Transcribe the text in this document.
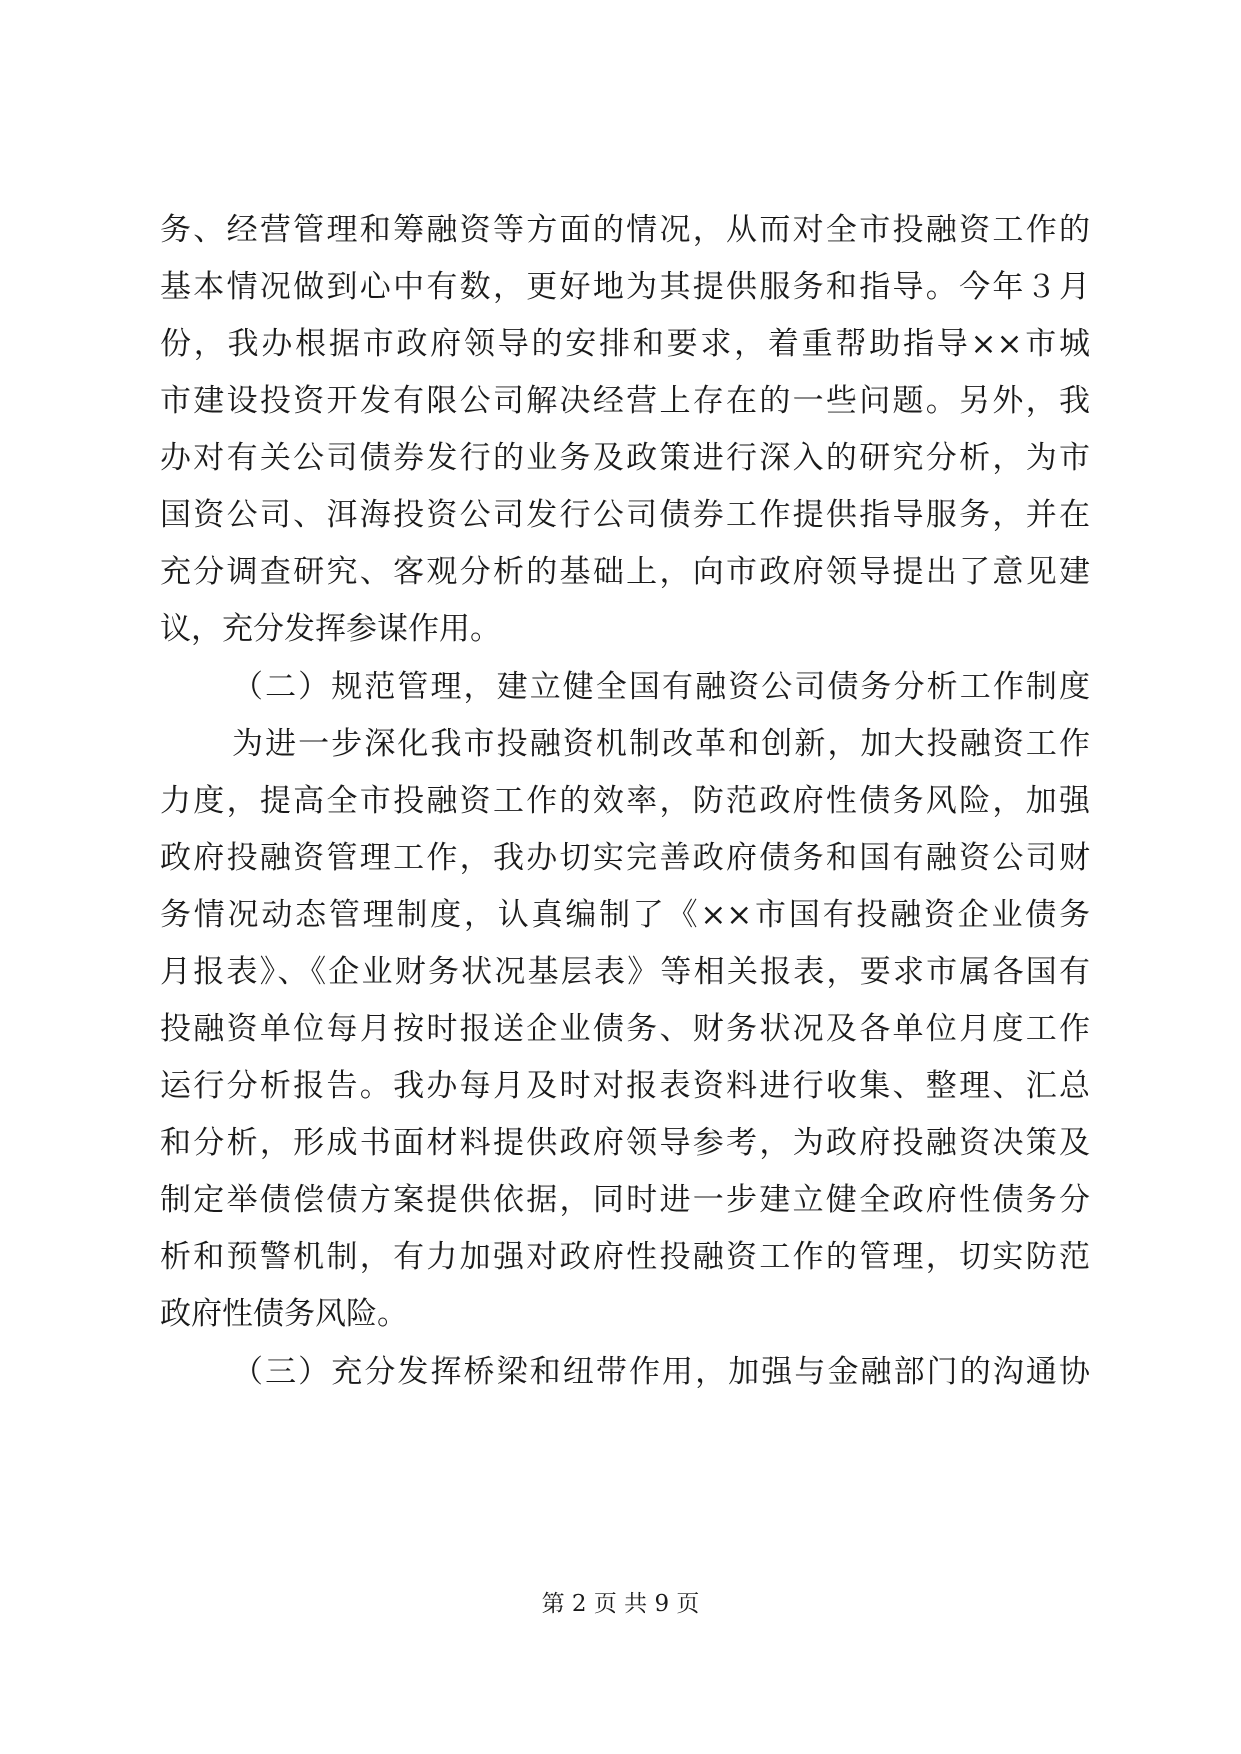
务、经营管理和筹融资等方面的情况，从而对全市投融资工作的
基本情况做到心中有数，更好地为其提供服务和指导。今年３月
份，我办根据市政府领导的安排和要求，着重帮助指导××市城
市建设投资开发有限公司解决经营上存在的一些问题。另外，我
办对有关公司债券发行的业务及政策进行深入的研究分析，为市
国资公司、洱海投资公司发行公司债券工作提供指导服务，并在
充分调查研究、客观分析的基础上，向市政府领导提出了意见建
议，充分发挥参谋作用。
（二）规范管理，建立健全国有融资公司债务分析工作制度
为进一步深化我市投融资机制改革和创新，加大投融资工作
力度，提高全市投融资工作的效率，防范政府性债务风险，加强
政府投融资管理工作，我办切实完善政府债务和国有融资公司财
务情况动态管理制度，认真编制了《××市国有投融资企业债务
月报表》、《企业财务状况基层表》等相关报表，要求市属各国有
投融资单位每月按时报送企业债务、财务状况及各单位月度工作
运行分析报告。我办每月及时对报表资料进行收集、整理、汇总
和分析，形成书面材料提供政府领导参考，为政府投融资决策及
制定举债偿债方案提供依据，同时进一步建立健全政府性债务分
析和预警机制，有力加强对政府性投融资工作的管理，切实防范
政府性债务风险。
（三）充分发挥桥梁和纽带作用，加强与金融部门的沟通协
第 2 页 共 9 页
